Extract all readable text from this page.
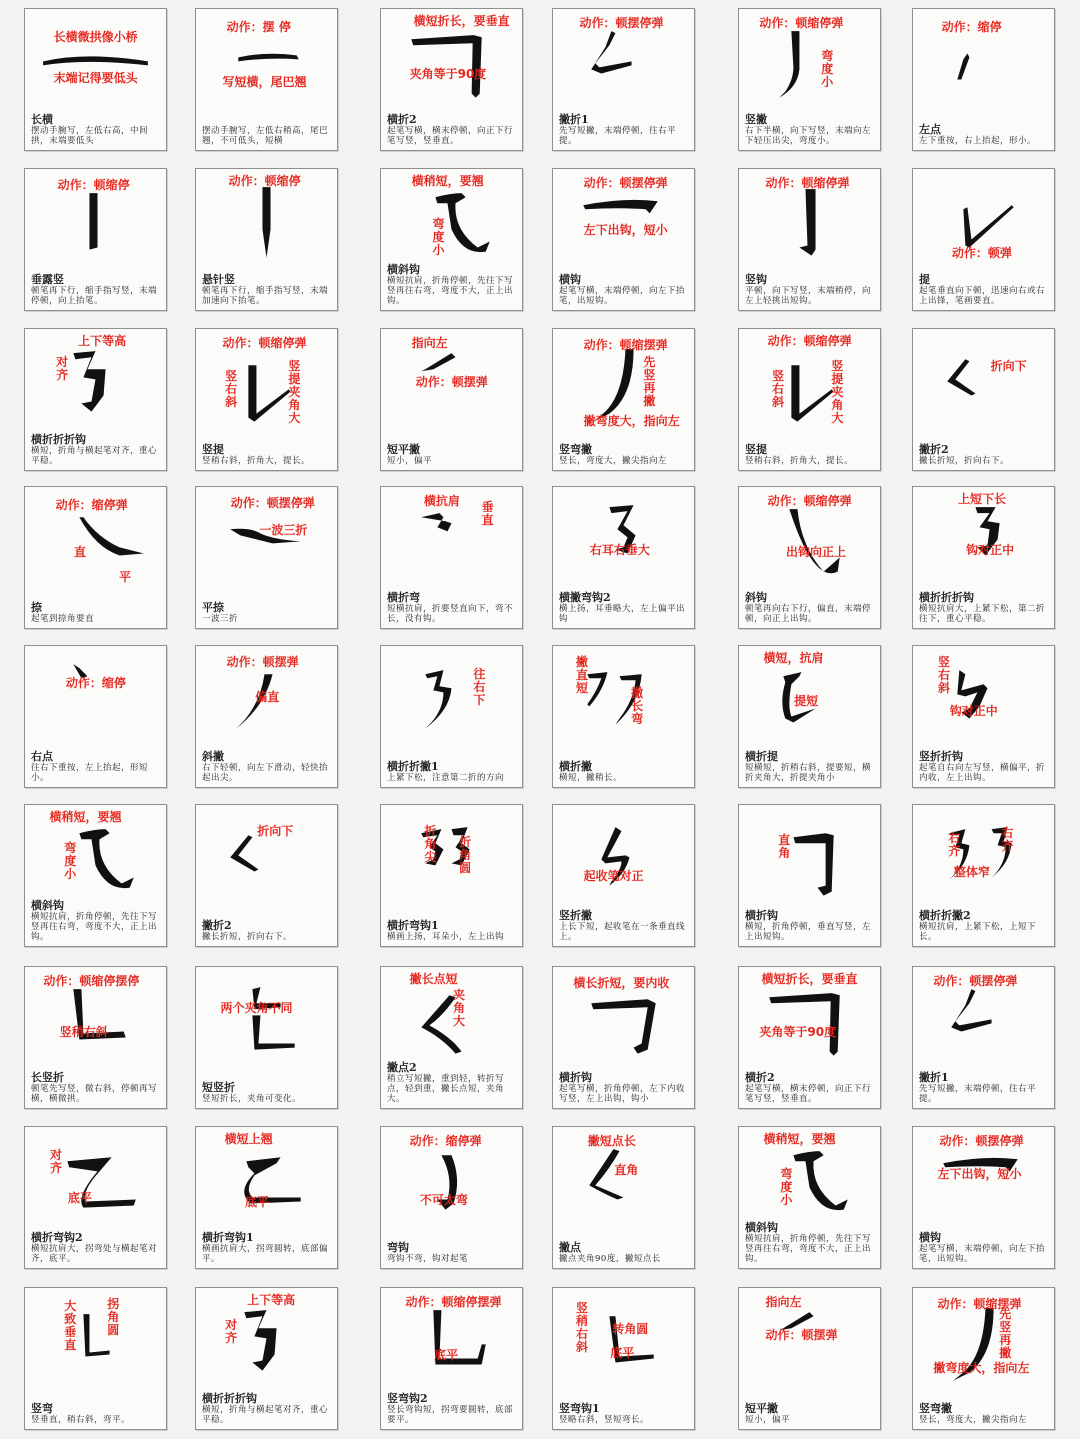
长横微拱像小桥
末端记得要低头
长横
摆动手腕写，左低右高，中间拱，末端要低头
动作：摆 停
写短横，尾巴翘
摆动手腕写，左低右稍高，尾巴翘，不可低头，短横
横短折长，要垂直
夹角等于90度
横折2
起笔写横，横末停顿，向正下行笔写竖，竖垂直。
动作：顿摆停弹
撇折1
先写短撇，末端停顿，往右平提。
动作：顿缩停弹
弯度小
竖撇
右下半横，向下写竖，末端向左下轻压出尖，弯度小。
动作：缩停
左点
左下重按，右上抬起，形小。
动作：顿缩停
垂露竖
顿笔再下行，缩手指写竖，末端停顿，向上抬笔。
动作：顿缩停
悬针竖
顿笔再下行，缩手指写竖，末端加速向下抬笔。
横稍短，要翘
弯度小
横斜钩
横短抗肩，折角停顿，先往下写竖再往右弯，弯度不大，正上出钩。
动作：顿摆停弹
左下出钩，短小
横钩
起笔写横，末端停顿，向左下抬笔，出短钩。
动作：顿缩停弹
竖钩
平顿，向下写竖，末端稍停，向左上轻挑出短钩。
动作：顿弹
提
起笔垂直向下顿，迅速向右或右上出锋，笔画要直。
上下等高
对齐
横折折折钩
横短，折角与横起笔对齐，重心平稳。
动作：顿缩停弹
竖右斜
竖提夹角大
竖提
竖稍右斜，折角大，提长。
指向左
动作：顿摆弹
短平撇
短小，偏平
动作：顿缩摆弹
先竖再撇
撇弯度大，指向左
竖弯撇
竖长，弯度大，撇尖指向左
动作：顿缩停弹
竖右斜
竖提夹角大
竖提
竖稍右斜，折角大，提长。
折向下
撇折2
撇长折短，折向右下。
动作：缩停弹
直
平
捺
起笔到捺角要直
动作：顿摆停弹
一波三折
平捺
一波三折
横抗肩 垂直
横折弯
短横抗肩，折要竖直向下，弯不长，没有钩。
右耳右垂大
横撇弯钩2
横上扬，耳垂略大，左上偏平出钩
动作：顿缩停弹
出钩向正上
斜钩
顿笔再向右下行，偏直，末端停顿，向正上出钩。
上短下长
钩对正中
横折折折钩
横短抗肩大，上紧下松，第二折往下，重心平稳。
动作：缩停
右点
往右下重按，左上抬起，形短小。
动作：顿摆弹
偏直
斜撇
右下轻顿，向左下滑动，轻快抬起出尖。
往右下
横折折撇1
上紧下松，注意第二折的方向
撇直短	撇长弯
横折撇
横短，撇稍长。
横短，抗肩
提短
横折提
短横短，折稍右斜，提要短，横折夹角大，折提夹角小
竖右斜
钩对正中
竖折折钩
起笔自右向左写竖，横偏平，折内收，左上出钩。
横稍短，要翘
弯度小
横斜钩
横短抗肩，折角停顿，先往下写竖再往右弯，弯度不大，正上出钩。
折向下
撇折2
撇长折短，折向右下。
折角尖
折角圆
横折弯钩1
横画上扬，耳朵小，左上出钩
起收笔对正
竖折撇
上长下短，起收笔在一条垂直线上。
直角
横折钩
横短，折角停顿，垂直写竖，左上出短钩。
右齐
右齐
整体窄
横折折撇2
横短抗肩，上紧下松，上短下长。
动作：顿缩停摆停
竖稍右斜
长竖折
顿笔先写竖，微右斜，停顿再写横，横微拱。
两个夹角不同
短竖折
竖短折长，夹角可变化。
撇长点短
夹角大
撇点2
稍立写短撇，重到轻，转折写点，轻到重，撇长点短，夹角大。
横长折短，要内收
横折钩
起笔写横，折角停顿，左下内收写竖，左上出钩，钩小
横短折长，要垂直
夹角等于90度
横折2
起笔写横，横末停顿，向正下行笔写竖，竖垂直。
动作：顿摆停弹
撇折1
先写短撇，末端停顿，往右平提。
对齐
底平
横折弯钩2
横短抗肩大，拐弯处与横起笔对齐，底平。
横短上翘
底平
横折弯钩1
横画抗肩大，拐弯圆转，底部偏平。
动作：缩停弹
不可太弯
弯钩
弯钩不弯，钩对起笔
撇短点长
直角
撇点
撇点夹角90度，撇短点长
横稍短，要翘
弯度小
横斜钩
横短抗肩，折角停顿，先往下写竖再往右弯，弯度不大，正上出钩。
动作：顿摆停弹
左下出钩，短小
横钩
起笔写横，末端停顿，向左下抬笔，出短钩。
大致垂直
拐角圆
竖弯
竖垂直，稍右斜，弯平。
上下等高
对齐
横折折折钩
横短，折角与横起笔对齐，重心平稳。
动作：顿缩停摆弹
底平
竖弯钩2
竖长弯钩短，拐弯要圆转，底部要平。
竖稍右斜
转角圆
底平
竖弯钩1
竖略右斜，竖短弯长。
指向左
动作：顿摆弹
短平撇
短小，偏平
动作：顿缩摆弹
先竖再撇
撇弯度大，指向左
竖弯撇
竖长，弯度大，撇尖指向左
